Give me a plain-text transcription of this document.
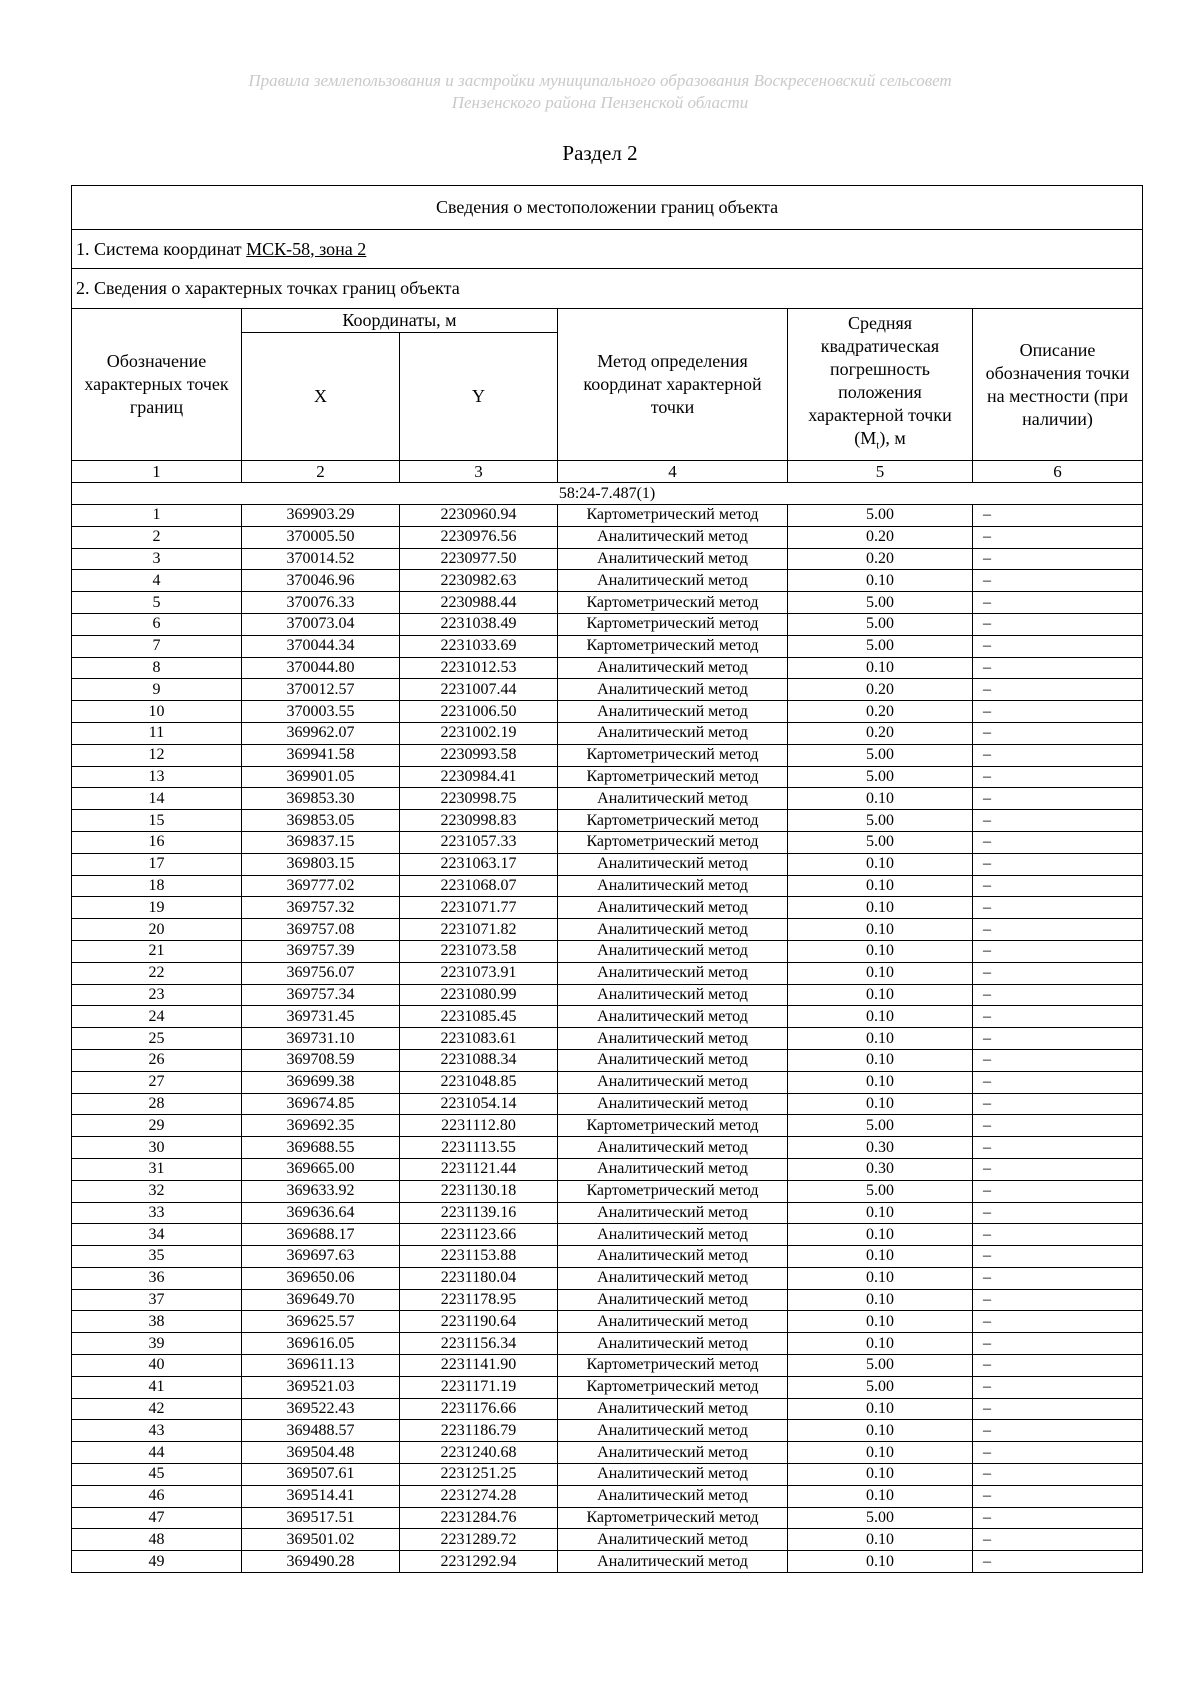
Правила землепользования и застройки муниципального образования Воскресеновский сельсовет
Пензенского района Пензенской области
Раздел 2
Сведения о местоположении границ объекта					
1. Система координат МСК-58, зона 2					
2. Сведения о характерных точках границ объекта					
Обозначение характерных точек границ	Координаты, м		Метод определения координат характерной точки	Средняя квадратическая погрешность положения характерной точки $(M_t)$, м	Описание обозначения точки на местности (при наличии)
	X	Y			
1	2	3	4	5	6
58:24-7.487(1)					
1	369903.29	2230960.94	Картометрический метод	5.00	–
2	370005.50	2230976.56	Аналитический метод	0.20	–
3	370014.52	2230977.50	Аналитический метод	0.20	–
4	370046.96	2230982.63	Аналитический метод	0.10	–
5	370076.33	2230988.44	Картометрический метод	5.00	–
6	370073.04	2231038.49	Картометрический метод	5.00	–
7	370044.34	2231033.69	Картометрический метод	5.00	–
8	370044.80	2231012.53	Аналитический метод	0.10	–
9	370012.57	2231007.44	Аналитический метод	0.20	–
10	370003.55	2231006.50	Аналитический метод	0.20	–
11	369962.07	2231002.19	Аналитический метод	0.20	–
12	369941.58	2230993.58	Картометрический метод	5.00	–
13	369901.05	2230984.41	Картометрический метод	5.00	–
14	369853.30	2230998.75	Аналитический метод	0.10	–
15	369853.05	2230998.83	Картометрический метод	5.00	–
16	369837.15	2231057.33	Картометрический метод	5.00	–
17	369803.15	2231063.17	Аналитический метод	0.10	–
18	369777.02	2231068.07	Аналитический метод	0.10	–
19	369757.32	2231071.77	Аналитический метод	0.10	–
20	369757.08	2231071.82	Аналитический метод	0.10	–
21	369757.39	2231073.58	Аналитический метод	0.10	–
22	369756.07	2231073.91	Аналитический метод	0.10	–
23	369757.34	2231080.99	Аналитический метод	0.10	–
24	369731.45	2231085.45	Аналитический метод	0.10	–
25	369731.10	2231083.61	Аналитический метод	0.10	–
26	369708.59	2231088.34	Аналитический метод	0.10	–
27	369699.38	2231048.85	Аналитический метод	0.10	–
28	369674.85	2231054.14	Аналитический метод	0.10	–
29	369692.35	2231112.80	Картометрический метод	5.00	–
30	369688.55	2231113.55	Аналитический метод	0.30	–
31	369665.00	2231121.44	Аналитический метод	0.30	–
32	369633.92	2231130.18	Картометрический метод	5.00	–
33	369636.64	2231139.16	Аналитический метод	0.10	–
34	369688.17	2231123.66	Аналитический метод	0.10	–
35	369697.63	2231153.88	Аналитический метод	0.10	–
36	369650.06	2231180.04	Аналитический метод	0.10	–
37	369649.70	2231178.95	Аналитический метод	0.10	–
38	369625.57	2231190.64	Аналитический метод	0.10	–
39	369616.05	2231156.34	Аналитический метод	0.10	–
40	369611.13	2231141.90	Картометрический метод	5.00	–
41	369521.03	2231171.19	Картометрический метод	5.00	–
42	369522.43	2231176.66	Аналитический метод	0.10	–
43	369488.57	2231186.79	Аналитический метод	0.10	–
44	369504.48	2231240.68	Аналитический метод	0.10	–
45	369507.61	2231251.25	Аналитический метод	0.10	–
46	369514.41	2231274.28	Аналитический метод	0.10	–
47	369517.51	2231284.76	Картометрический метод	5.00	–
48	369501.02	2231289.72	Аналитический метод	0.10	–
49	369490.28	2231292.94	Аналитический метод	0.10	–
